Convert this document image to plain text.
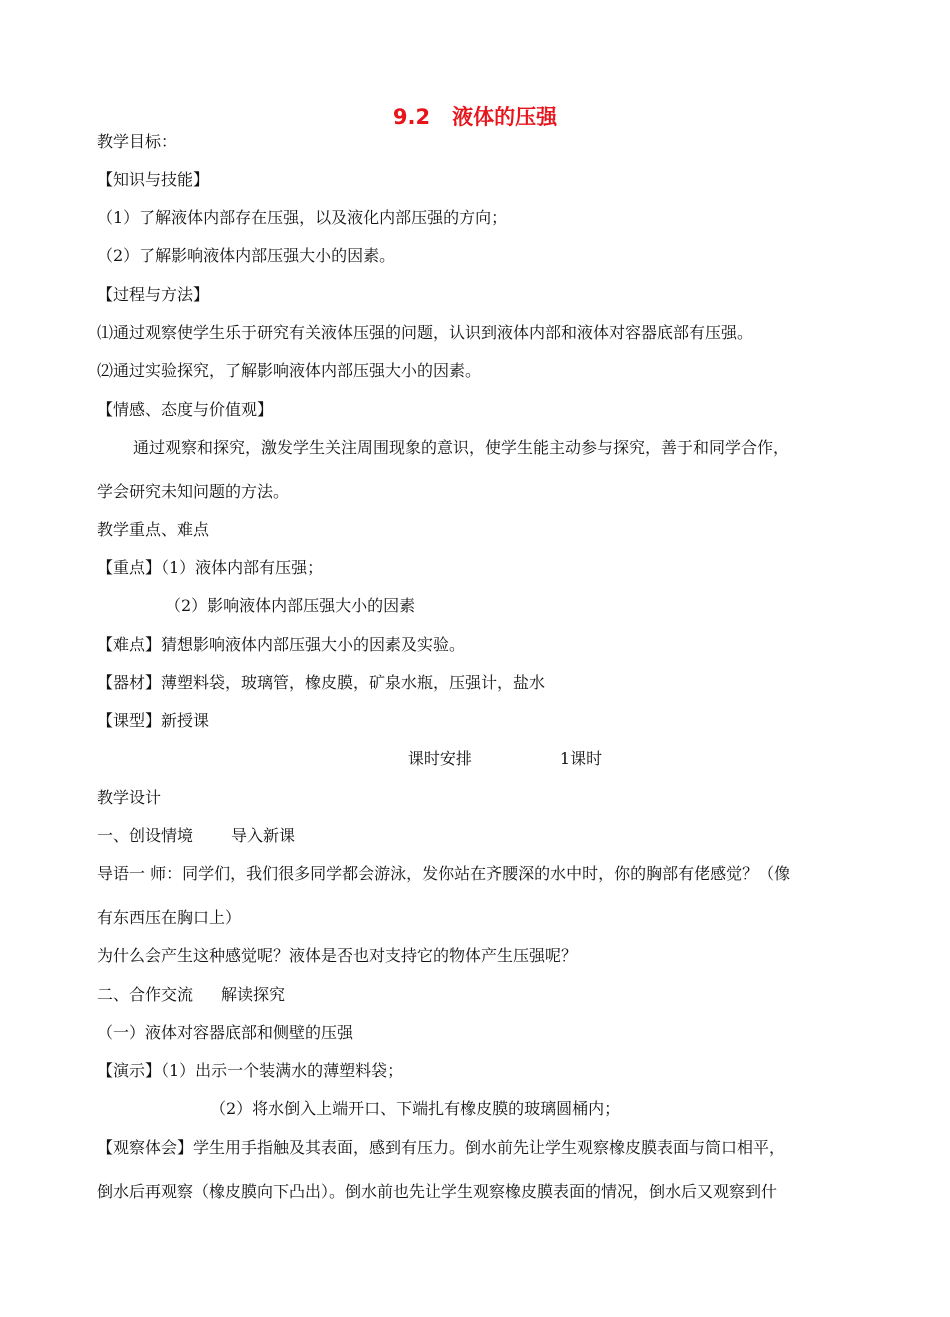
9.2 液体的压强
教学目标：
【知识与技能】
（1）了解液体内部存在压强，以及液化内部压强的方向；
（2）了解影响液体内部压强大小的因素。
【过程与方法】
⑴通过观察使学生乐于研究有关液体压强的问题，认识到液体内部和液体对容器底部有压强。
⑵通过实验探究，了解影响液体内部压强大小的因素。
【情感、态度与价值观】
通过观察和探究，激发学生关注周围现象的意识，使学生能主动参与探究，善于和同学合作，
学会研究未知问题的方法。
教学重点、难点
【重点】（1）液体内部有压强；
（2）影响液体内部压强大小的因素
【难点】猜想影响液体内部压强大小的因素及实验。
【器材】薄塑料袋，玻璃管，橡皮膜，矿泉水瓶，压强计，盐水
【课型】新授课
课时安排	1课时
教学设计
一、创设情境 导入新课
导语一 师：同学们，我们很多同学都会游泳，发你站在齐腰深的水中时，你的胸部有佬感觉？（像
有东西压在胸口上）
为什么会产生这种感觉呢？液体是否也对支持它的物体产生压强呢？
二、合作交流 解读探究
（一）液体对容器底部和侧壁的压强
【演示】（1）出示一个装满水的薄塑料袋；
（2）将水倒入上端开口、下端扎有橡皮膜的玻璃圆桶内；
【观察体会】学生用手指触及其表面，感到有压力。倒水前先让学生观察橡皮膜表面与筒口相平，
倒水后再观察（橡皮膜向下凸出）。倒水前也先让学生观察橡皮膜表面的情况，倒水后又观察到什
